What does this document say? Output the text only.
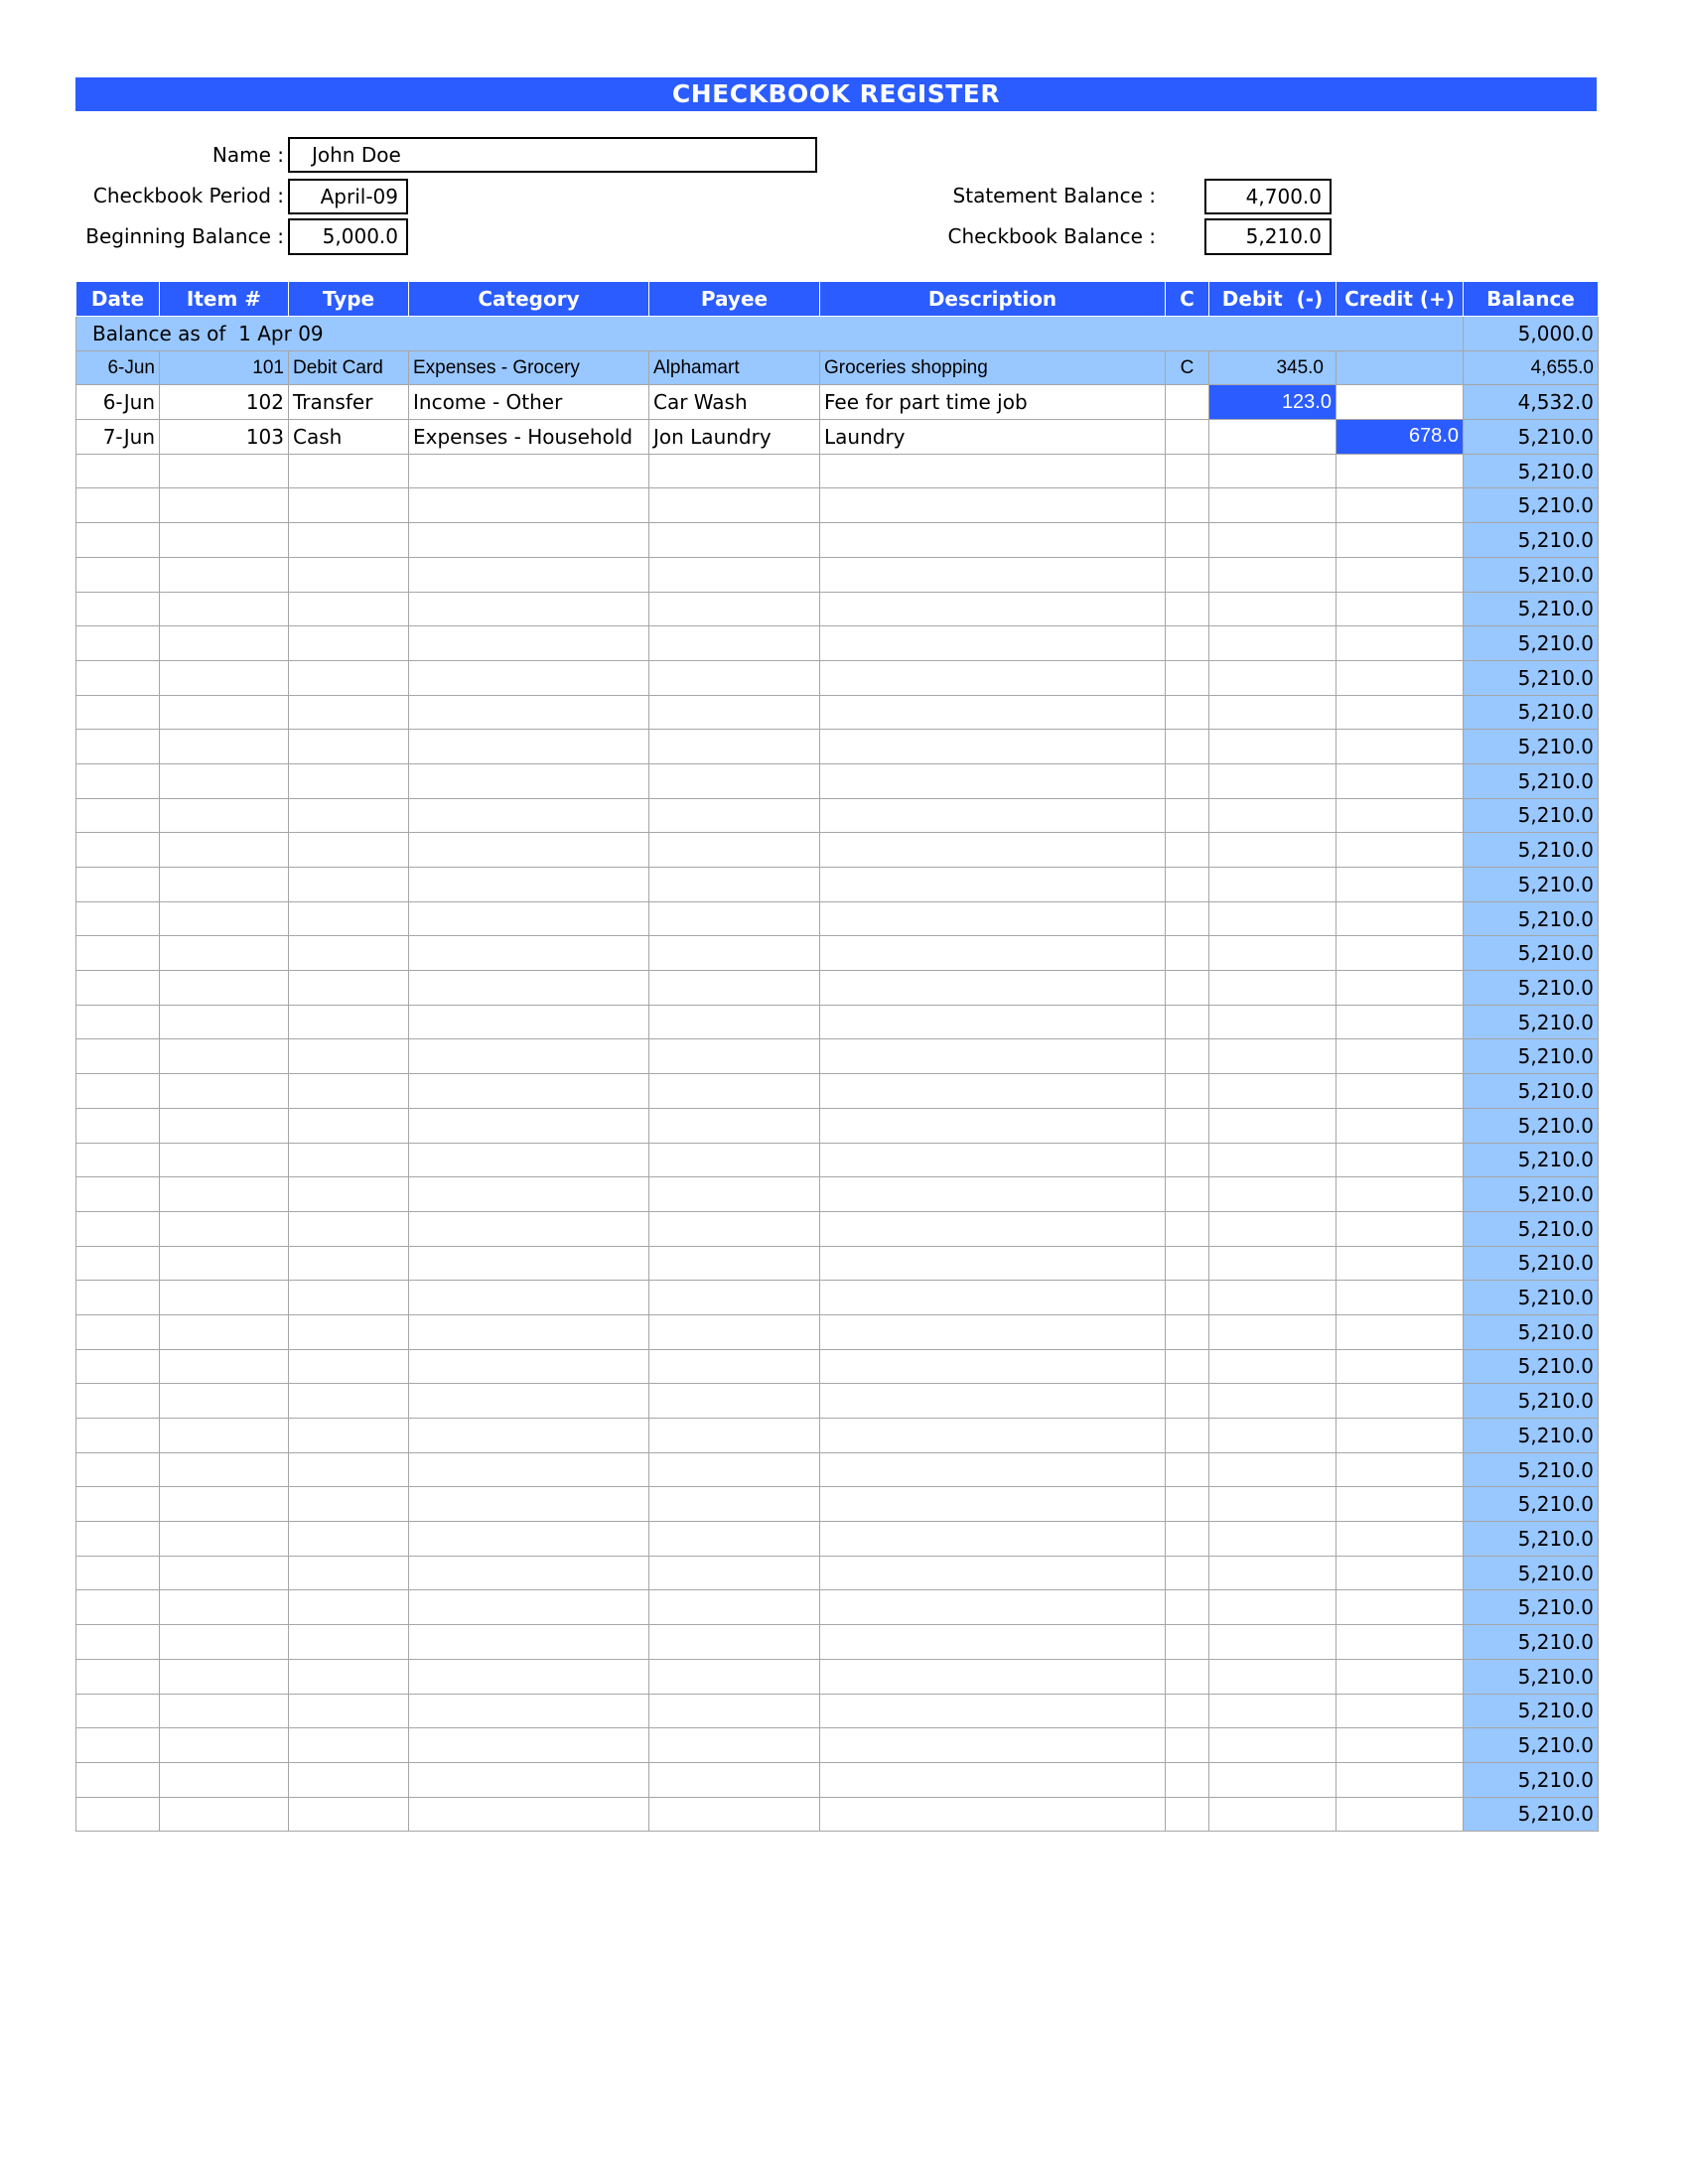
CHECKBOOK REGISTER
Name :	John Doe
Checkbook Period :	April-09
Beginning Balance :	5,000.0
Statement Balance :	4,700.0
Checkbook Balance :	5,210.0
Date	Item #	Type	Category	Payee	Description	C	Debit  (-)	Credit (+)	Balance
Balance as of  1 Apr 09									5,000.0
6-Jun	101	Debit Card	Expenses - Grocery	Alphamart	Groceries shopping	C	345.0		4,655.0
6-Jun	102	Transfer	Income - Other	Car Wash	Fee for part time job		123.0		4,532.0
7-Jun	103	Cash	Expenses - Household	Jon Laundry	Laundry			678.0	5,210.0
									5,210.0
									5,210.0
									5,210.0
									5,210.0
									5,210.0
									5,210.0
									5,210.0
									5,210.0
									5,210.0
									5,210.0
									5,210.0
									5,210.0
									5,210.0
									5,210.0
									5,210.0
									5,210.0
									5,210.0
									5,210.0
									5,210.0
									5,210.0
									5,210.0
									5,210.0
									5,210.0
									5,210.0
									5,210.0
									5,210.0
									5,210.0
									5,210.0
									5,210.0
									5,210.0
									5,210.0
									5,210.0
									5,210.0
									5,210.0
									5,210.0
									5,210.0
									5,210.0
									5,210.0
									5,210.0
									5,210.0
